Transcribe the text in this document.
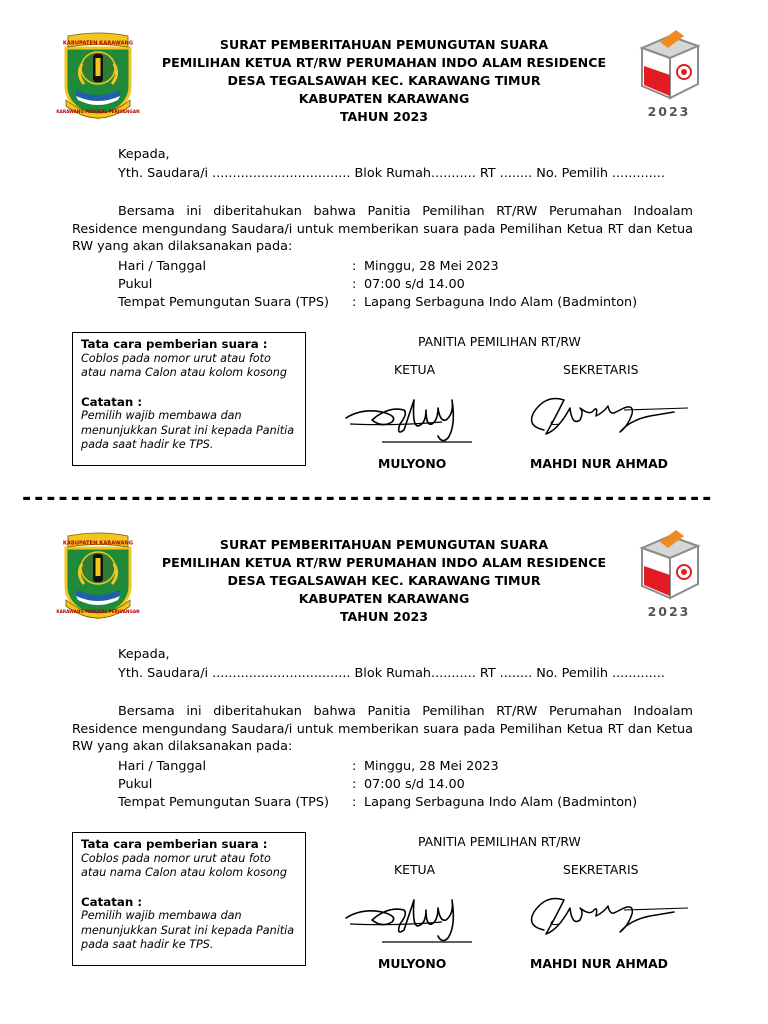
KABUPATEN KARAWANG
KARAWANG PANGKAL PERJUANGAN
SURAT PEMBERITAHUAN PEMUNGUTAN SUARA
PEMILIHAN KETUA RT/RW PERUMAHAN INDO ALAM RESIDENCE
DESA TEGALSAWAH KEC. KARAWANG TIMUR
KABUPATEN KARAWANG
TAHUN 2023	2023
Kepada,
Yth. Saudara/i .................................. Blok Rumah........... RT ........ No. Pemilih .............
Bersama ini diberitahukan bahwa Panitia Pemilihan RT/RW Perumahan Indoalam Residence mengundang Saudara/i untuk memberikan suara pada Pemilihan Ketua RT dan Ketua RW yang akan dilaksanakan pada:
Hari / Tanggal	: Minggu, 28 Mei 2023
Pukul	: 07:00 s/d 14.00
Tempat Pemungutan Suara (TPS) : Lapang Serbaguna Indo Alam (Badminton)
Tata cara pemberian suara :
Coblos pada nomor urut atau foto
atau nama Calon atau kolom kosong
Catatan :
Pemilih wajib membawa dan
menunjukkan Surat ini kepada Panitia
pada saat hadir ke TPS.
PANITIA PEMILIHAN RT/RW
KETUA	SEKRETARIS
MULYONO	MAHDI NUR AHMAD
---------------------------------------------------------
KABUPATEN KARAWANG
KARAWANG PANGKAL PERJUANGAN
SURAT PEMBERITAHUAN PEMUNGUTAN SUARA
PEMILIHAN KETUA RT/RW PERUMAHAN INDO ALAM RESIDENCE
DESA TEGALSAWAH KEC. KARAWANG TIMUR
KABUPATEN KARAWANG
TAHUN 2023	2023
Kepada,
Yth. Saudara/i .................................. Blok Rumah........... RT ........ No. Pemilih .............
Bersama ini diberitahukan bahwa Panitia Pemilihan RT/RW Perumahan Indoalam Residence mengundang Saudara/i untuk memberikan suara pada Pemilihan Ketua RT dan Ketua RW yang akan dilaksanakan pada:
Hari / Tanggal	: Minggu, 28 Mei 2023
Pukul	: 07:00 s/d 14.00
Tempat Pemungutan Suara (TPS) : Lapang Serbaguna Indo Alam (Badminton)
Tata cara pemberian suara :
Coblos pada nomor urut atau foto
atau nama Calon atau kolom kosong
Catatan :
Pemilih wajib membawa dan
menunjukkan Surat ini kepada Panitia
pada saat hadir ke TPS.
PANITIA PEMILIHAN RT/RW
KETUA	SEKRETARIS
MULYONO	MAHDI NUR AHMAD
